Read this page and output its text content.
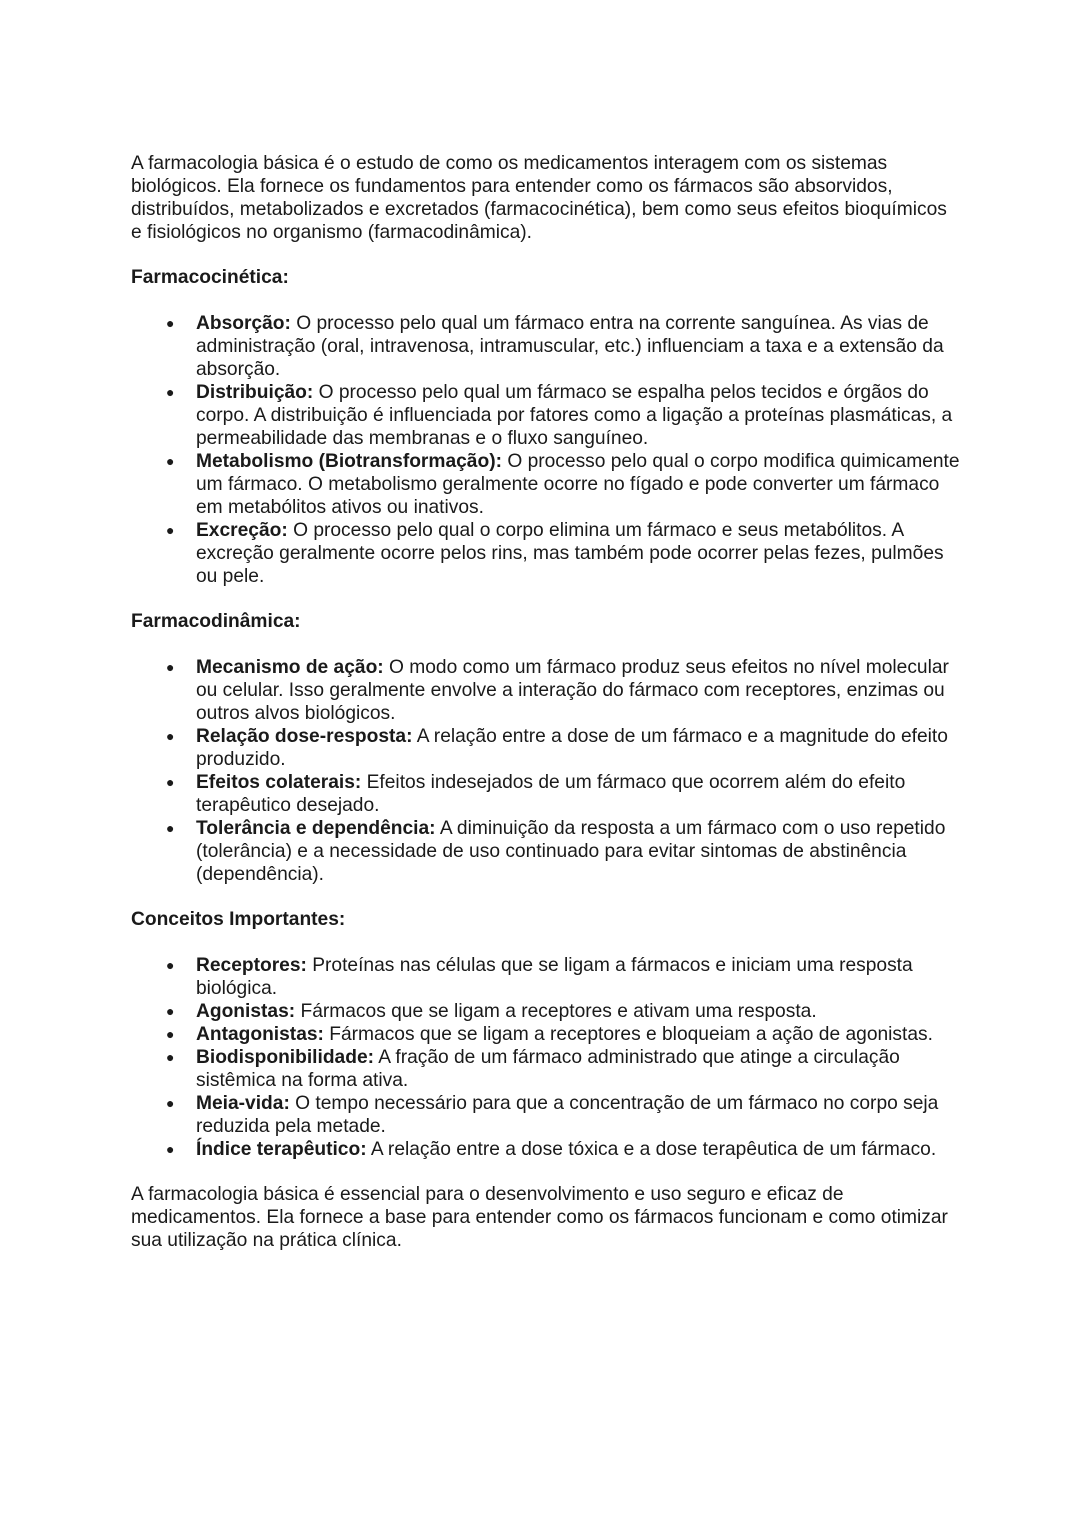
A farmacologia básica é o estudo de como os medicamentos interagem com os sistemas biológicos. Ela fornece os fundamentos para entender como os fármacos são absorvidos, distribuídos, metabolizados e excretados (farmacocinética), bem como seus efeitos bioquímicos e fisiológicos no organismo (farmacodinâmica).

Farmacocinética:

● Absorção: O processo pelo qual um fármaco entra na corrente sanguínea. As vias de administração (oral, intravenosa, intramuscular, etc.) influenciam a taxa e a extensão da absorção.
● Distribuição: O processo pelo qual um fármaco se espalha pelos tecidos e órgãos do corpo. A distribuição é influenciada por fatores como a ligação a proteínas plasmáticas, a permeabilidade das membranas e o fluxo sanguíneo.
● Metabolismo (Biotransformação): O processo pelo qual o corpo modifica quimicamente um fármaco. O metabolismo geralmente ocorre no fígado e pode converter um fármaco em metabólitos ativos ou inativos.
● Excreção: O processo pelo qual o corpo elimina um fármaco e seus metabólitos. A excreção geralmente ocorre pelos rins, mas também pode ocorrer pelas fezes, pulmões ou pele.

Farmacodinâmica:

● Mecanismo de ação: O modo como um fármaco produz seus efeitos no nível molecular ou celular. Isso geralmente envolve a interação do fármaco com receptores, enzimas ou outros alvos biológicos.
● Relação dose-resposta: A relação entre a dose de um fármaco e a magnitude do efeito produzido.
● Efeitos colaterais: Efeitos indesejados de um fármaco que ocorrem além do efeito terapêutico desejado.
● Tolerância e dependência: A diminuição da resposta a um fármaco com o uso repetido (tolerância) e a necessidade de uso continuado para evitar sintomas de abstinência (dependência).

Conceitos Importantes:

● Receptores: Proteínas nas células que se ligam a fármacos e iniciam uma resposta biológica.
● Agonistas: Fármacos que se ligam a receptores e ativam uma resposta.
● Antagonistas: Fármacos que se ligam a receptores e bloqueiam a ação de agonistas.
● Biodisponibilidade: A fração de um fármaco administrado que atinge a circulação sistêmica na forma ativa.
● Meia-vida: O tempo necessário para que a concentração de um fármaco no corpo seja reduzida pela metade.
● Índice terapêutico: A relação entre a dose tóxica e a dose terapêutica de um fármaco.

A farmacologia básica é essencial para o desenvolvimento e uso seguro e eficaz de medicamentos. Ela fornece a base para entender como os fármacos funcionam e como otimizar sua utilização na prática clínica.
